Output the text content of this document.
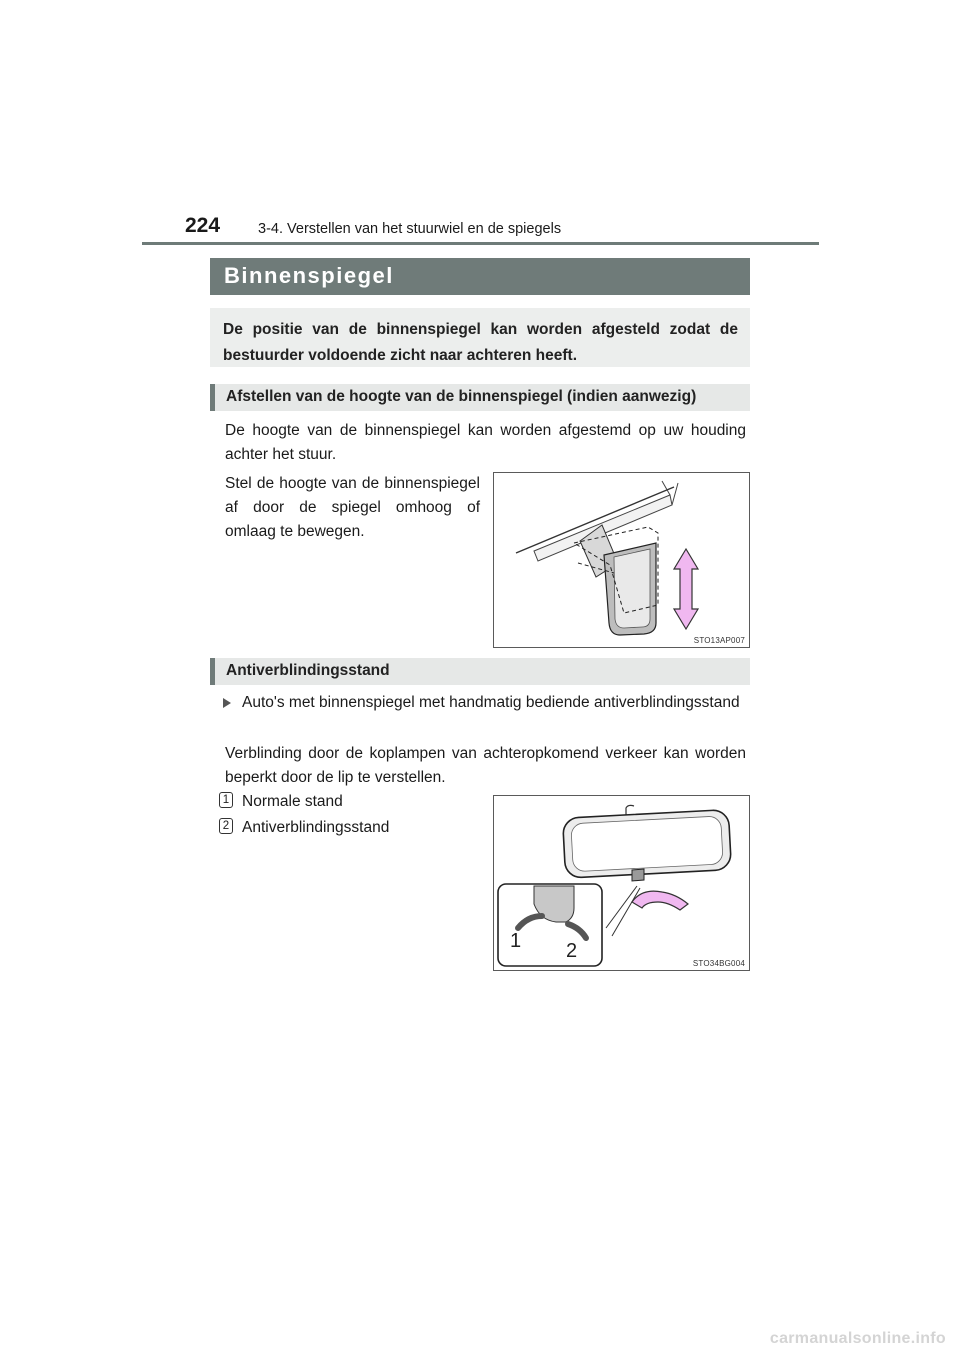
224	3-4. Verstellen van het stuurwiel en de spiegels
Binnenspiegel
De positie van de binnenspiegel kan worden afgesteld zodat de bestuurder voldoende zicht naar achteren heeft.
Afstellen van de hoogte van de binnenspiegel (indien aanwezig)
De hoogte van de binnenspiegel kan worden afgestemd op uw houding achter het stuur.
Stel de hoogte van de binnenspiegel af door de spiegel omhoog of omlaag te bewegen.
STO13AP007
Antiverblindingsstand
Auto's met binnenspiegel met handmatig bediende antiverblindingsstand
Verblinding door de koplampen van achteropkomend verkeer kan worden beperkt door de lip te verstellen.
1 Normale stand
2 Antiverblindingsstand
1 2
STO34BG004
carmanualsonline.info
